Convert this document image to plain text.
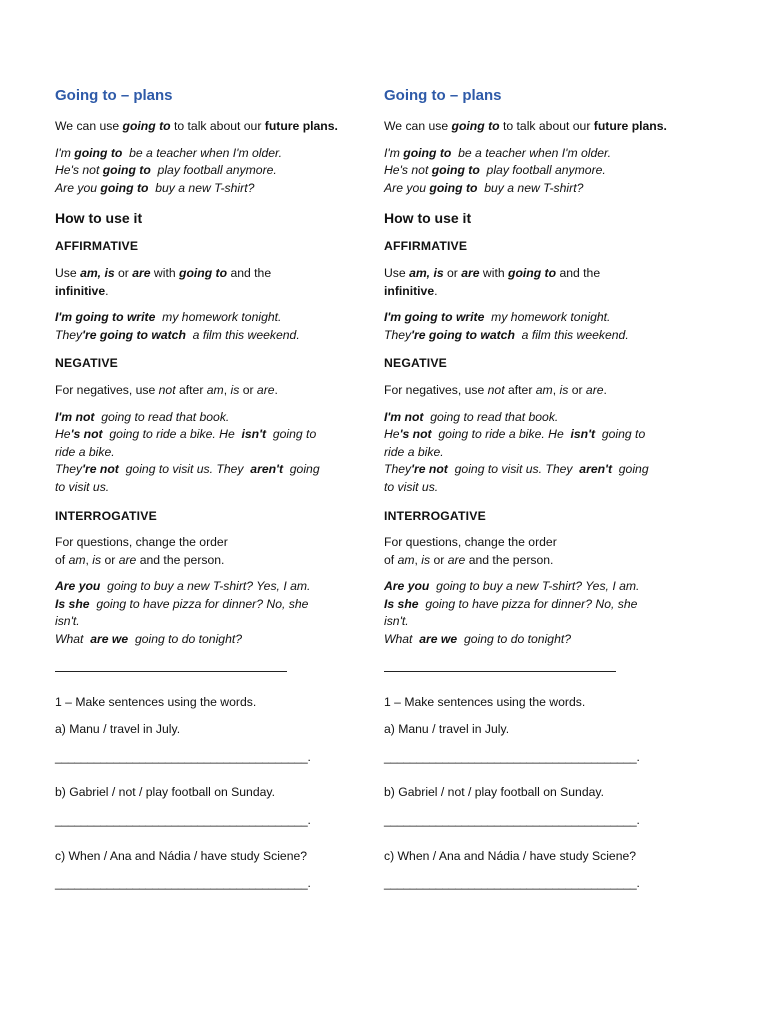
Going to – plans
We can use going to to talk about our future plans.
I'm going to  be a teacher when I'm older.
He's not going to  play football anymore.
Are you going to  buy a new T-shirt?
How to use it
AFFIRMATIVE
Use am, is or are with going to and the
infinitive.
I'm going to write  my homework tonight.
They're going to watch  a film this weekend.
NEGATIVE
For negatives, use not after am, is or are.
I'm not  going to read that book.
He's not  going to ride a bike. He  isn't  going to
ride a bike.
They're not  going to visit us. They  aren't  going
to visit us.
INTERROGATIVE
For questions, change the order
of am, is or are and the person.
Are you  going to buy a new T-shirt? Yes, I am.
Is she  going to have pizza for dinner? No, she
isn't.
What  are we  going to do tonight?
1 – Make sentences using the words.
a) Manu / travel in July.
_______________________________________.
b) Gabriel / not / play football on Sunday.
_______________________________________.
c) When / Ana and Nádia / have study Sciene?
_______________________________________.
Going to – plans
We can use going to to talk about our future plans.
I'm going to  be a teacher when I'm older.
He's not going to  play football anymore.
Are you going to  buy a new T-shirt?
How to use it
AFFIRMATIVE
Use am, is or are with going to and the
infinitive.
I'm going to write  my homework tonight.
They're going to watch  a film this weekend.
NEGATIVE
For negatives, use not after am, is or are.
I'm not  going to read that book.
He's not  going to ride a bike. He  isn't  going to
ride a bike.
They're not  going to visit us. They  aren't  going
to visit us.
INTERROGATIVE
For questions, change the order
of am, is or are and the person.
Are you  going to buy a new T-shirt? Yes, I am.
Is she  going to have pizza for dinner? No, she
isn't.
What  are we  going to do tonight?
1 – Make sentences using the words.
a) Manu / travel in July.
_______________________________________.
b) Gabriel / not / play football on Sunday.
_______________________________________.
c) When / Ana and Nádia / have study Sciene?
_______________________________________.
